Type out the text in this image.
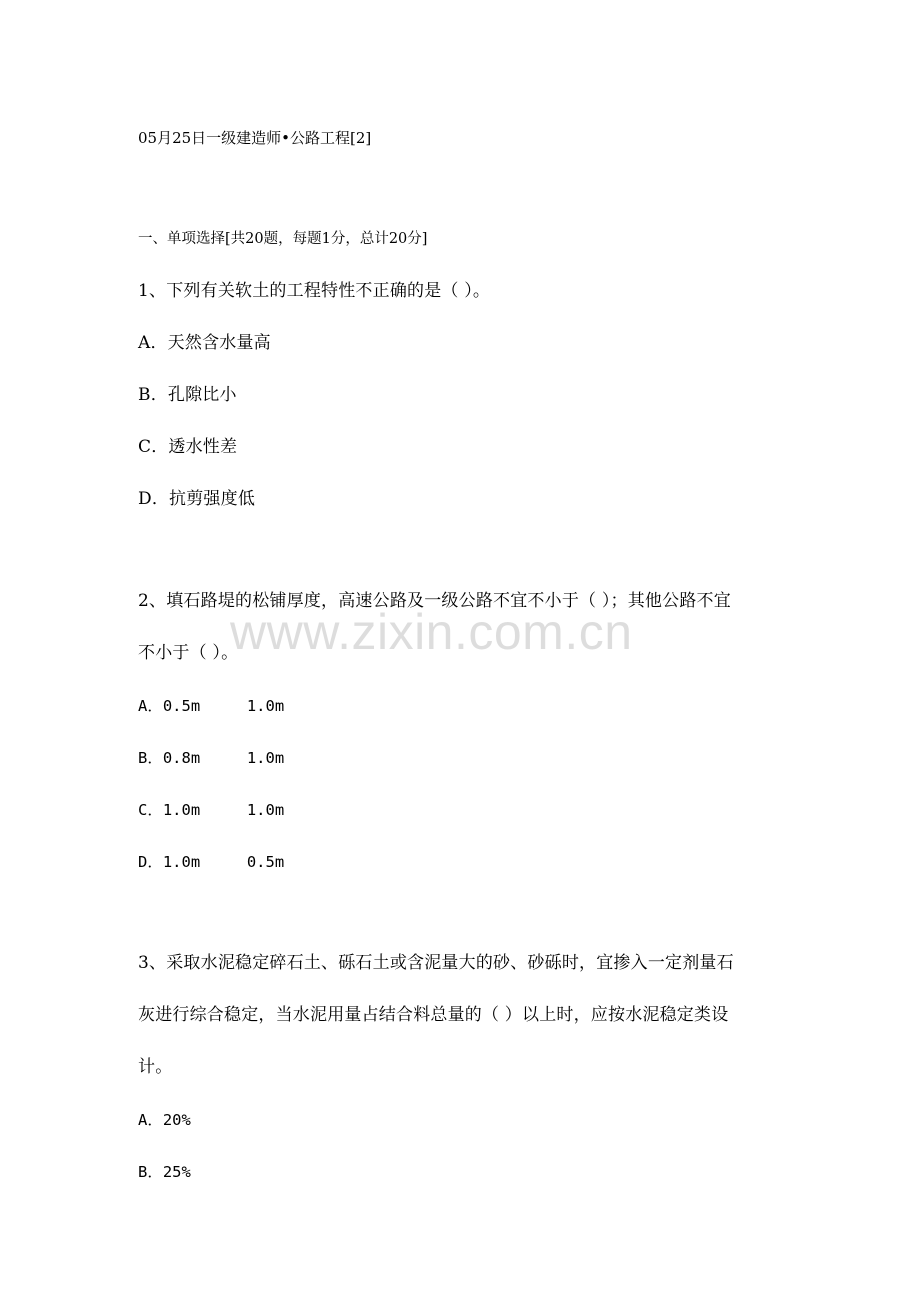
05月25日一级建造师•公路工程[2]
一、单项选择[共20题，每题1分，总计20分]
1、下列有关软土的工程特性不正确的是（ ）。
A．天然含水量高
B．孔隙比小
C．透水性差
D．抗剪强度低
2、填石路堤的松铺厚度，高速公路及一级公路不宜不小于（ ）；其他公路不宜
不小于（ ）。
A．0.5m     1.0m
B．0.8m     1.0m
C．1.0m     1.0m
D．1.0m     0.5m
3、采取水泥稳定碎石土、砾石土或含泥量大的砂、砂砾时，宜掺入一定剂量石
灰进行综合稳定，当水泥用量占结合料总量的（ ）以上时，应按水泥稳定类设
计。
A．20%
B．25%
www.zixin.com.cn
